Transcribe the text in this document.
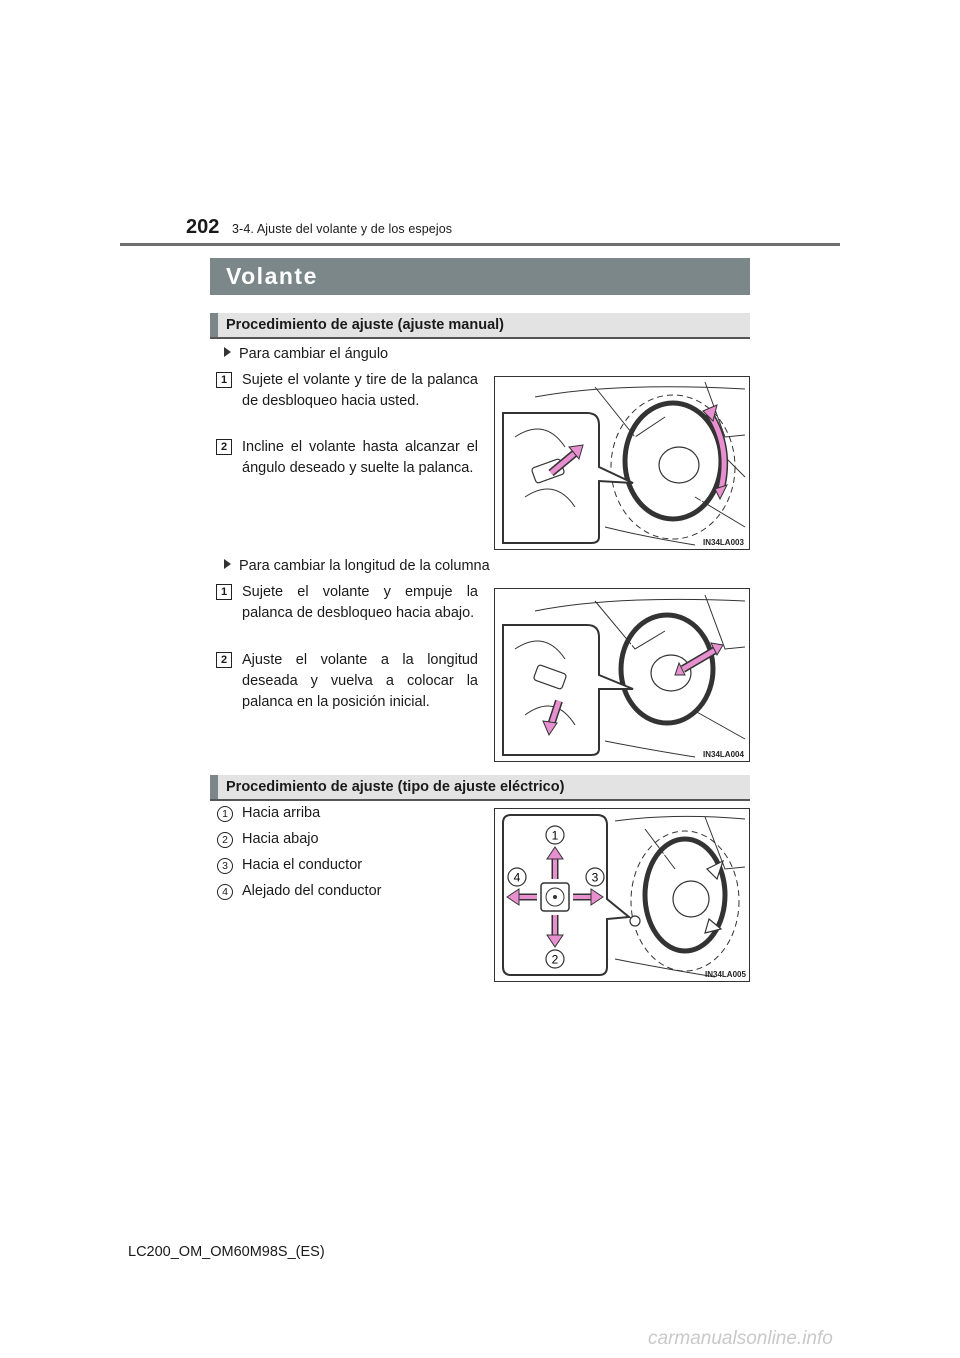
202 3-4. Ajuste del volante y de los espejos
Volante
Procedimiento de ajuste (ajuste manual)
Para cambiar el ángulo
1	Sujete el volante y tire de la palanca de desbloqueo hacia usted.
2	Incline el volante hasta alcanzar el ángulo deseado y suelte la palanca.
IN34LA003
Para cambiar la longitud de la columna
1	Sujete el volante y empuje la palanca de desbloqueo hacia abajo.
2	Ajuste el volante a la longitud deseada y vuelva a colocar la palanca en la posición inicial.
IN34LA004
Procedimiento de ajuste (tipo de ajuste eléctrico)
1 Hacia arriba
2 Hacia abajo
3 Hacia el conductor
4 Alejado del conductor
1
2
3
4
IN34LA005
LC200_OM_OM60M98S_(ES)
carmanualsonline.info
